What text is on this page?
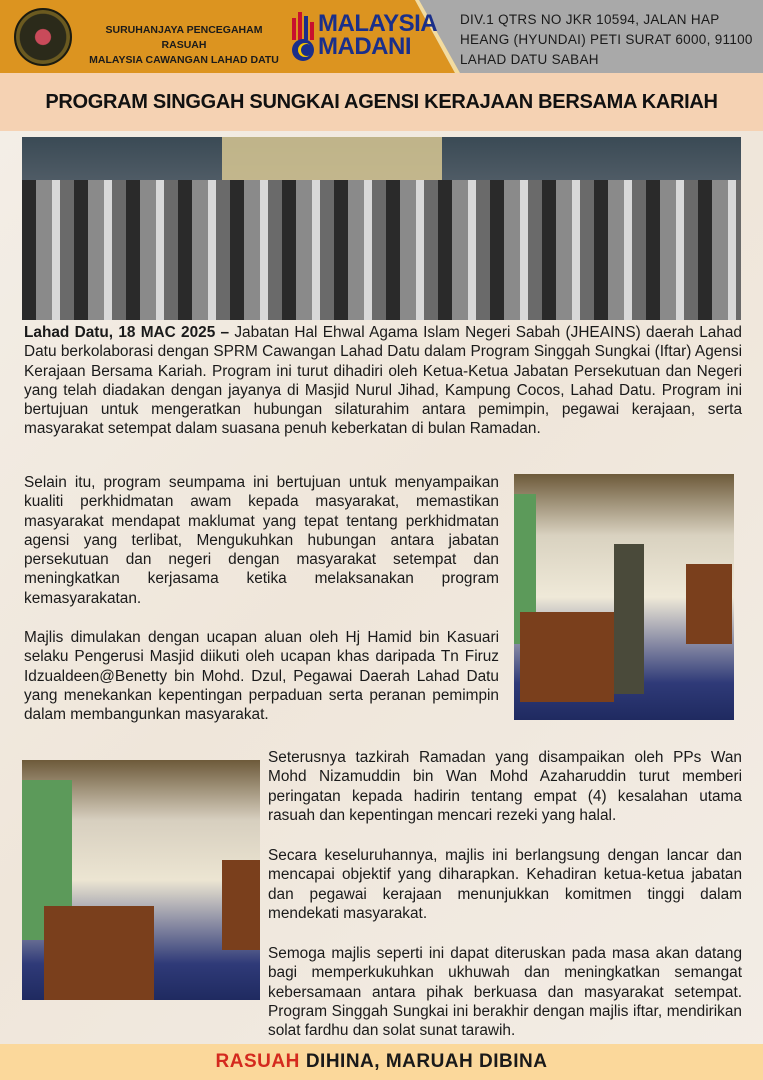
SURUHANJAYA PENCEGAHAM RASUAH
MALAYSIA CAWANGAN LAHAD DATU
MALAYSIA
MADANI
DIV.1 QTRS NO JKR 10594, JALAN HAP
HEANG (HYUNDAI) PETI SURAT 6000, 91100
LAHAD DATU SABAH
PROGRAM SINGGAH SUNGKAI AGENSI KERAJAAN BERSAMA KARIAH
Lahad Datu, 18 MAC 2025 – Jabatan Hal Ehwal Agama Islam Negeri Sabah (JHEAINS) daerah Lahad Datu berkolaborasi dengan SPRM Cawangan Lahad Datu dalam Program Singgah Sungkai (Iftar) Agensi Kerajaan Bersama Kariah. Program ini turut dihadiri oleh Ketua-Ketua Jabatan Persekutuan dan Negeri yang telah diadakan dengan jayanya di Masjid Nurul Jihad, Kampung Cocos, Lahad Datu. Program ini bertujuan untuk mengeratkan hubungan silaturahim antara pemimpin, pegawai kerajaan, serta masyarakat setempat dalam suasana penuh keberkatan di bulan Ramadan.
Selain itu, program seumpama ini bertujuan untuk menyampaikan kualiti perkhidmatan awam kepada masyarakat, memastikan masyarakat mendapat maklumat yang tepat tentang perkhidmatan agensi yang terlibat, Mengukuhkan hubungan antara jabatan persekutuan dan negeri dengan masyarakat setempat dan meningkatkan kerjasama ketika melaksanakan program kemasyarakatan.
Majlis dimulakan dengan ucapan aluan oleh Hj Hamid bin Kasuari selaku Pengerusi Masjid diikuti oleh ucapan khas daripada Tn Firuz Idzualdeen@Benetty bin Mohd. Dzul, Pegawai Daerah Lahad Datu yang menekankan kepentingan perpaduan serta peranan pemimpin dalam membangunkan masyarakat.
Seterusnya tazkirah Ramadan yang disampaikan oleh PPs Wan Mohd Nizamuddin bin Wan Mohd Azaharuddin turut memberi peringatan kepada hadirin tentang empat (4) kesalahan utama rasuah dan kepentingan mencari rezeki yang halal.
Secara keseluruhannya, majlis ini berlangsung dengan lancar dan mencapai objektif yang diharapkan. Kehadiran ketua-ketua jabatan dan pegawai kerajaan menunjukkan komitmen tinggi dalam mendekati masyarakat.
Semoga majlis seperti ini dapat diteruskan pada masa akan datang bagi memperkukuhkan ukhuwah dan meningkatkan semangat kebersamaan antara pihak berkuasa dan masyarakat setempat. Program Singgah Sungkai ini berakhir dengan majlis iftar, mendirikan solat fardhu dan solat sunat tarawih.
RASUAH DIHINA, MARUAH DIBINA
